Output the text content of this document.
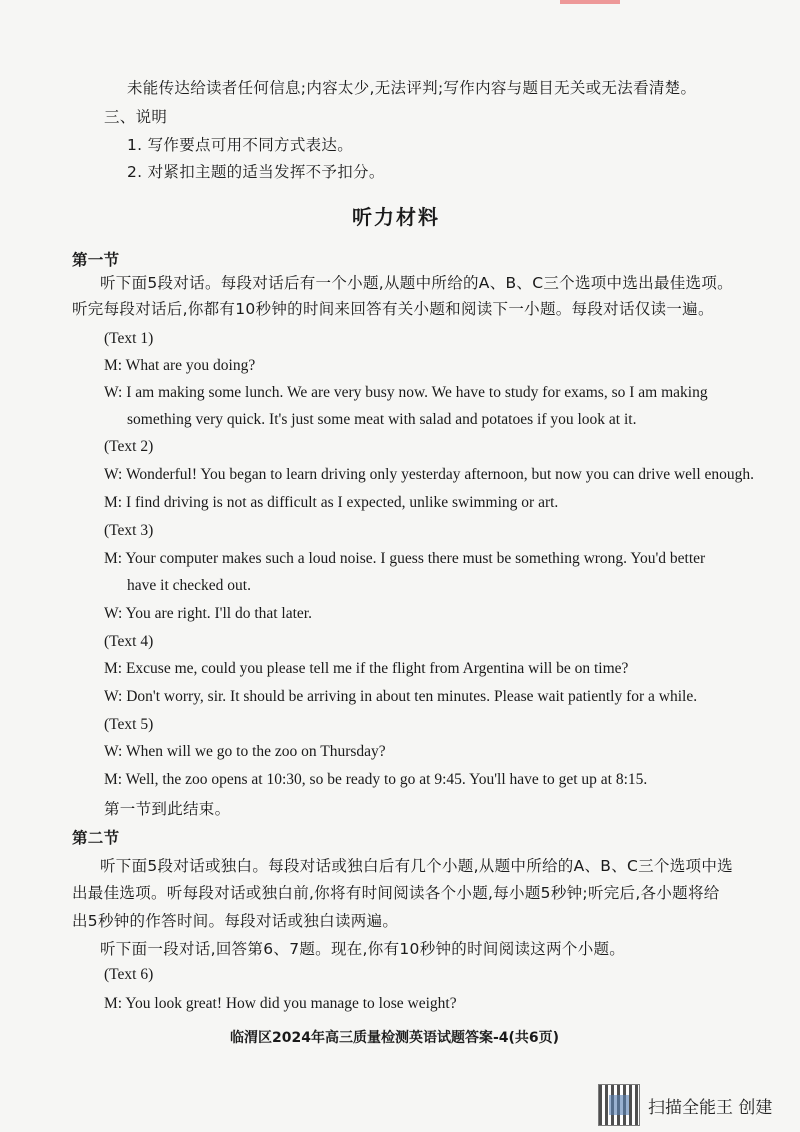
未能传达给读者任何信息;内容太少,无法评判;写作内容与题目无关或无法看清楚。
三、说明
1. 写作要点可用不同方式表达。
2. 对紧扣主题的适当发挥不予扣分。
听力材料
第一节
听下面5段对话。每段对话后有一个小题,从题中所给的A、B、C三个选项中选出最佳选项。
听完每段对话后,你都有10秒钟的时间来回答有关小题和阅读下一小题。每段对话仅读一遍。
(Text 1)
M: What are you doing?
W: I am making some lunch. We are very busy now. We have to study for exams, so I am making
something very quick. It's just some meat with salad and potatoes if you look at it.
(Text 2)
W: Wonderful! You began to learn driving only yesterday afternoon, but now you can drive well enough.
M: I find driving is not as difficult as I expected, unlike swimming or art.
(Text 3)
M: Your computer makes such a loud noise. I guess there must be something wrong. You'd better
have it checked out.
W: You are right. I'll do that later.
(Text 4)
M: Excuse me, could you please tell me if the flight from Argentina will be on time?
W: Don't worry, sir. It should be arriving in about ten minutes. Please wait patiently for a while.
(Text 5)
W: When will we go to the zoo on Thursday?
M: Well, the zoo opens at 10:30, so be ready to go at 9:45. You'll have to get up at 8:15.
第一节到此结束。
第二节
听下面5段对话或独白。每段对话或独白后有几个小题,从题中所给的A、B、C三个选项中选
出最佳选项。听每段对话或独白前,你将有时间阅读各个小题,每小题5秒钟;听完后,各小题将给
出5秒钟的作答时间。每段对话或独白读两遍。
听下面一段对话,回答第6、7题。现在,你有10秒钟的时间阅读这两个小题。
(Text 6)
M: You look great! How did you manage to lose weight?
临渭区2024年高三质量检测英语试题答案-4(共6页)
扫描全能王 创建
